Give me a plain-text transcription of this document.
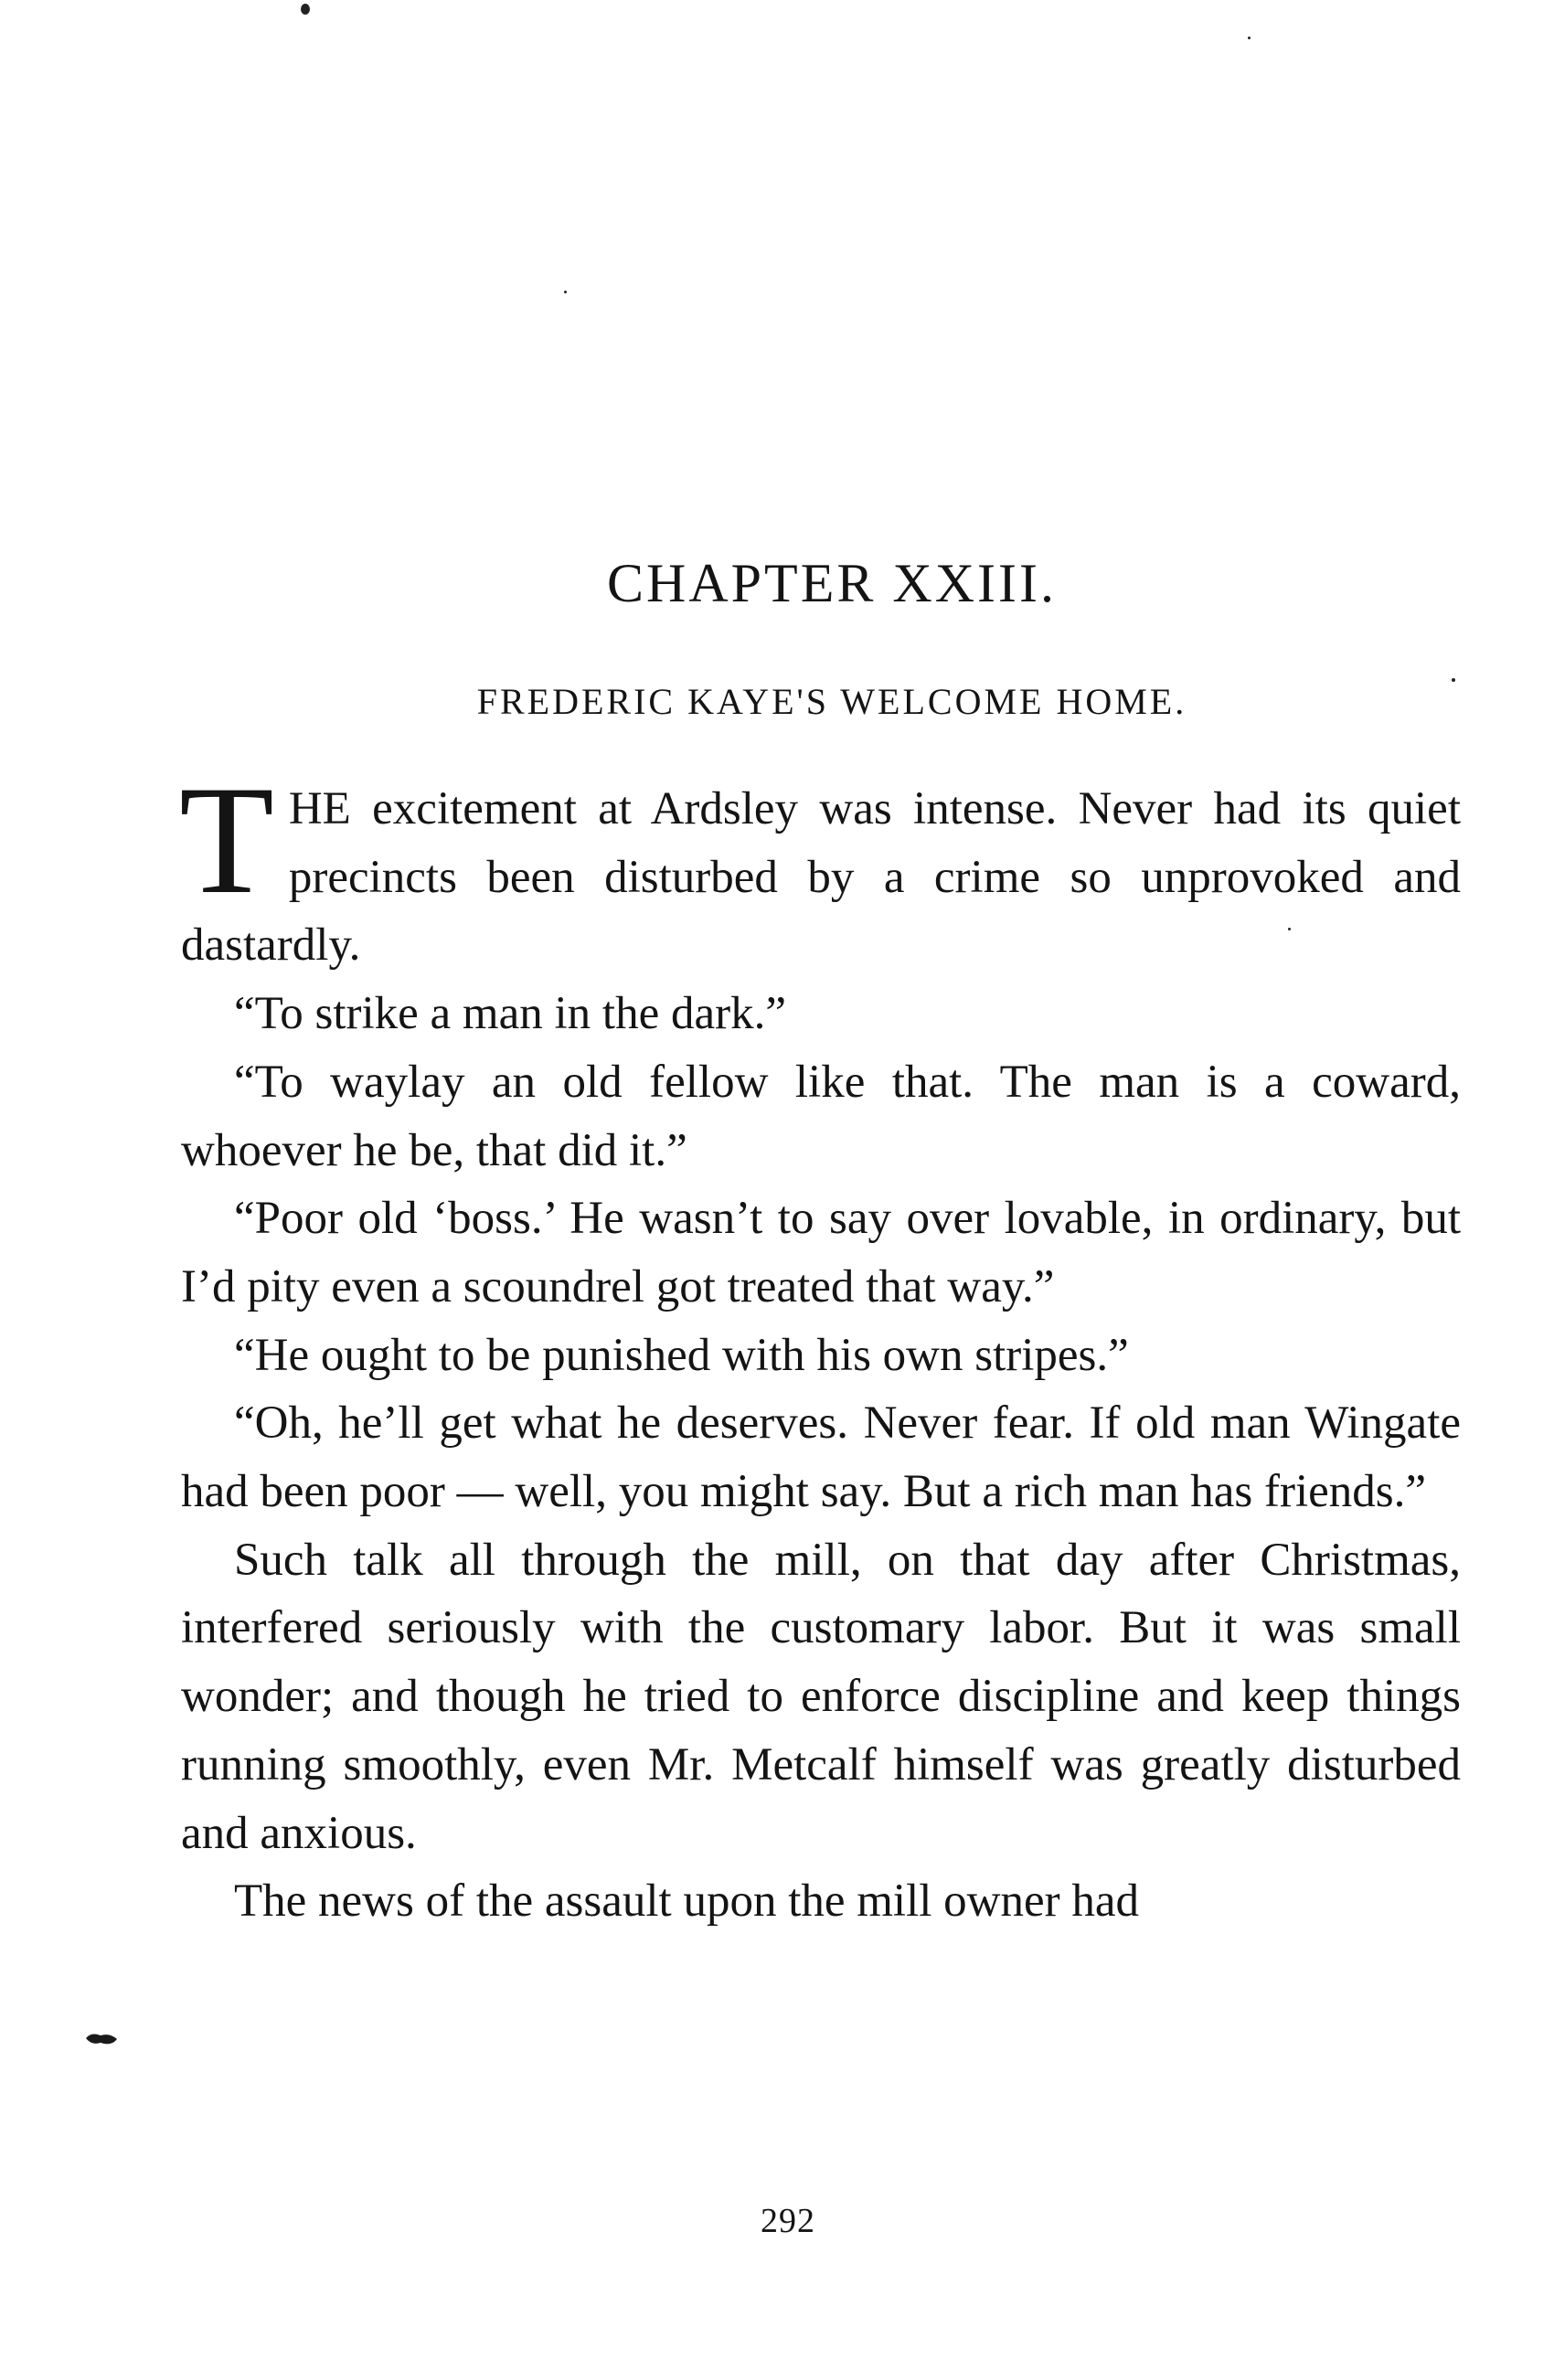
CHAPTER XXIII.
FREDERIC KAYE'S WELCOME HOME.

THE excitement at Ardsley was intense. Never had its quiet precincts been disturbed by a crime so unprovoked and dastardly.

“To strike a man in the dark.”

“To waylay an old fellow like that. The man is a coward, whoever he be, that did it.”

“Poor old ‘boss.’ He wasn’t to say over lovable, in ordinary, but I’d pity even a scoundrel got treated that way.”

“He ought to be punished with his own stripes.”

“Oh, he’ll get what he deserves. Never fear. If old man Wingate had been poor — well, you might say. But a rich man has friends.”

Such talk all through the mill, on that day after Christmas, interfered seriously with the customary labor. But it was small wonder; and though he tried to enforce discipline and keep things running smoothly, even Mr. Metcalf himself was greatly disturbed and anxious.

The news of the assault upon the mill owner had

292
